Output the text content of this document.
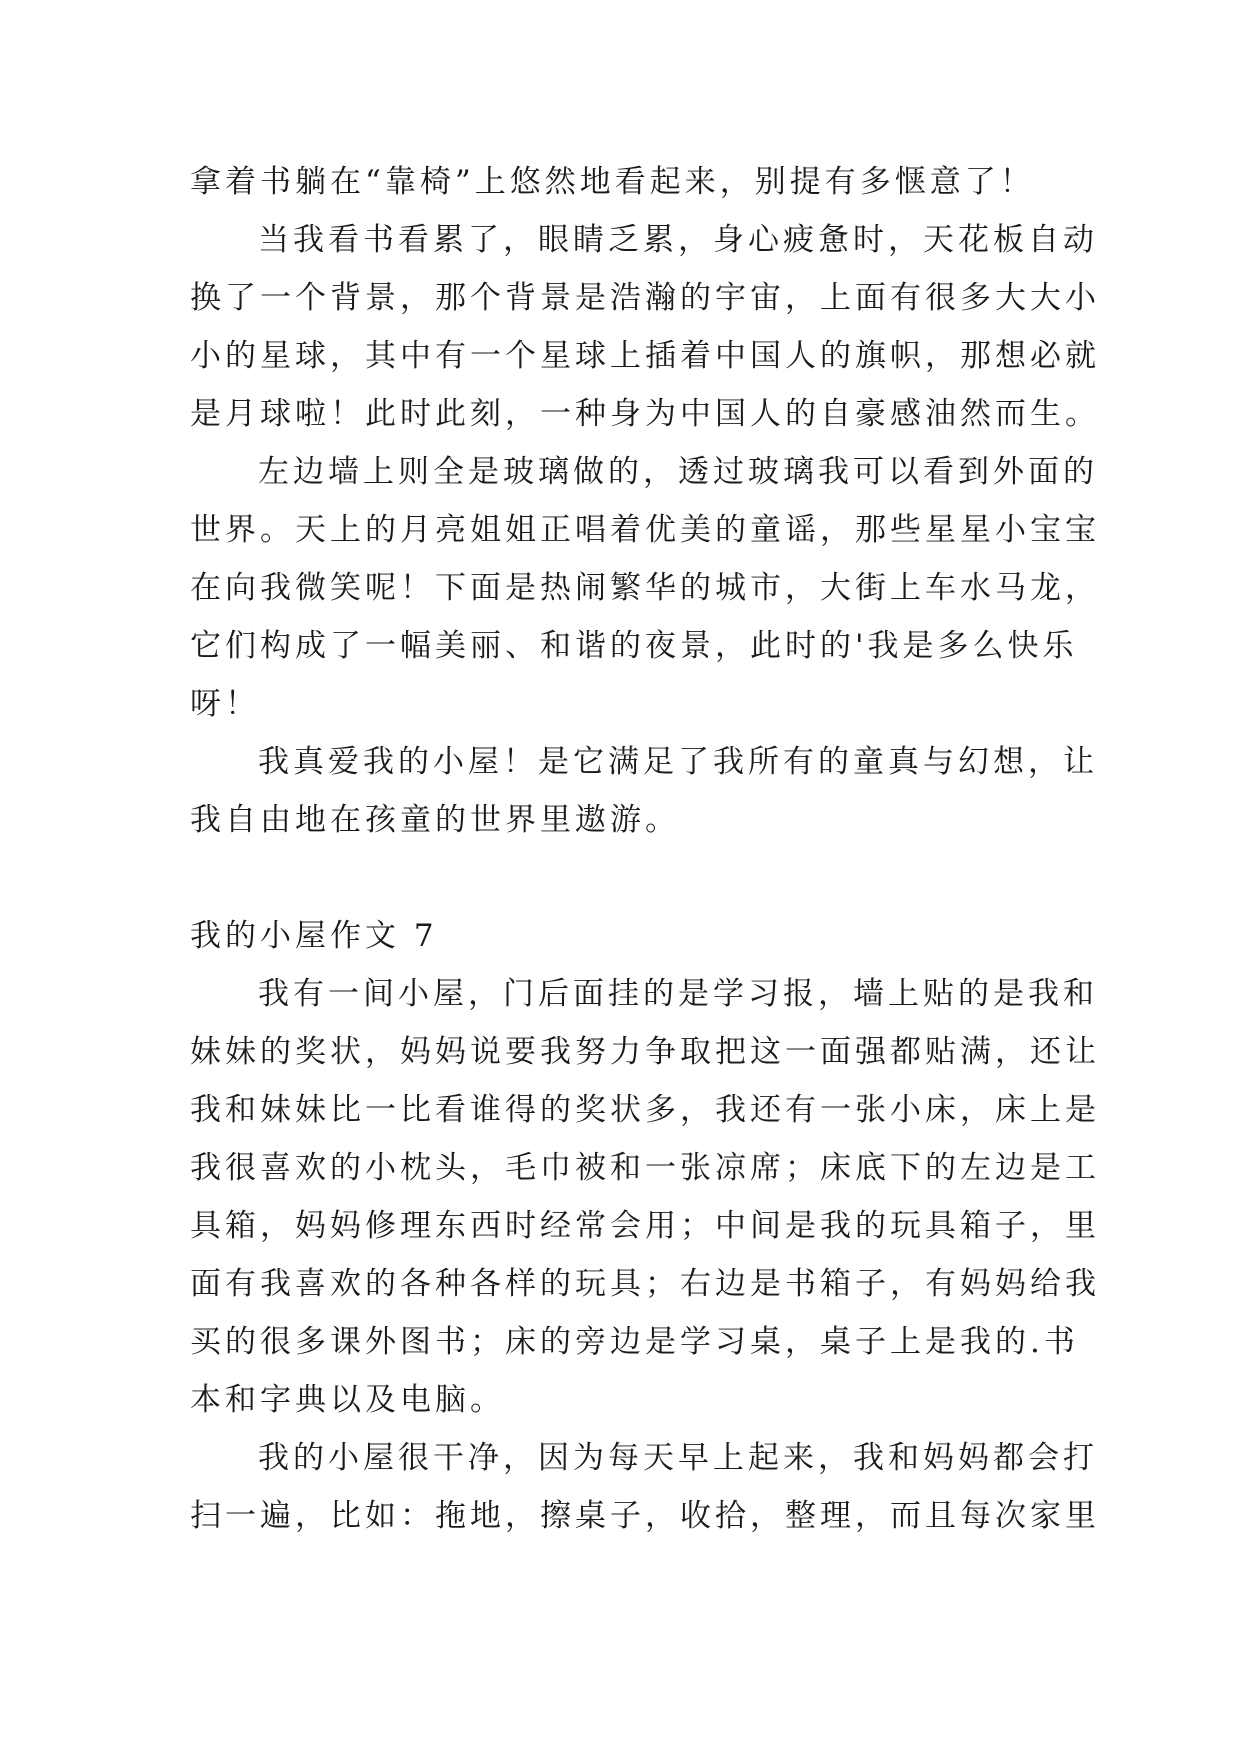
拿着书躺在“靠椅”上悠然地看起来，别提有多惬意了！
当我看书看累了，眼睛乏累，身心疲惫时，天花板自动
换了一个背景，那个背景是浩瀚的宇宙，上面有很多大大小
小的星球，其中有一个星球上插着中国人的旗帜，那想必就
是月球啦！此时此刻，一种身为中国人的自豪感油然而生。
左边墙上则全是玻璃做的，透过玻璃我可以看到外面的
世界。天上的月亮姐姐正唱着优美的童谣，那些星星小宝宝
在向我微笑呢！下面是热闹繁华的城市，大街上车水马龙，
它们构成了一幅美丽、和谐的夜景，此时的'我是多么快乐
呀！
我真爱我的小屋！是它满足了我所有的童真与幻想，让
我自由地在孩童的世界里遨游。
我的小屋作文 7
我有一间小屋，门后面挂的是学习报，墙上贴的是我和
妹妹的奖状，妈妈说要我努力争取把这一面强都贴满，还让
我和妹妹比一比看谁得的奖状多，我还有一张小床，床上是
我很喜欢的小枕头，毛巾被和一张凉席；床底下的左边是工
具箱，妈妈修理东西时经常会用；中间是我的玩具箱子，里
面有我喜欢的各种各样的玩具；右边是书箱子，有妈妈给我
买的很多课外图书；床的旁边是学习桌，桌子上是我的.书
本和字典以及电脑。
我的小屋很干净，因为每天早上起来，我和妈妈都会打
扫一遍，比如：拖地，擦桌子，收拾，整理，而且每次家里
